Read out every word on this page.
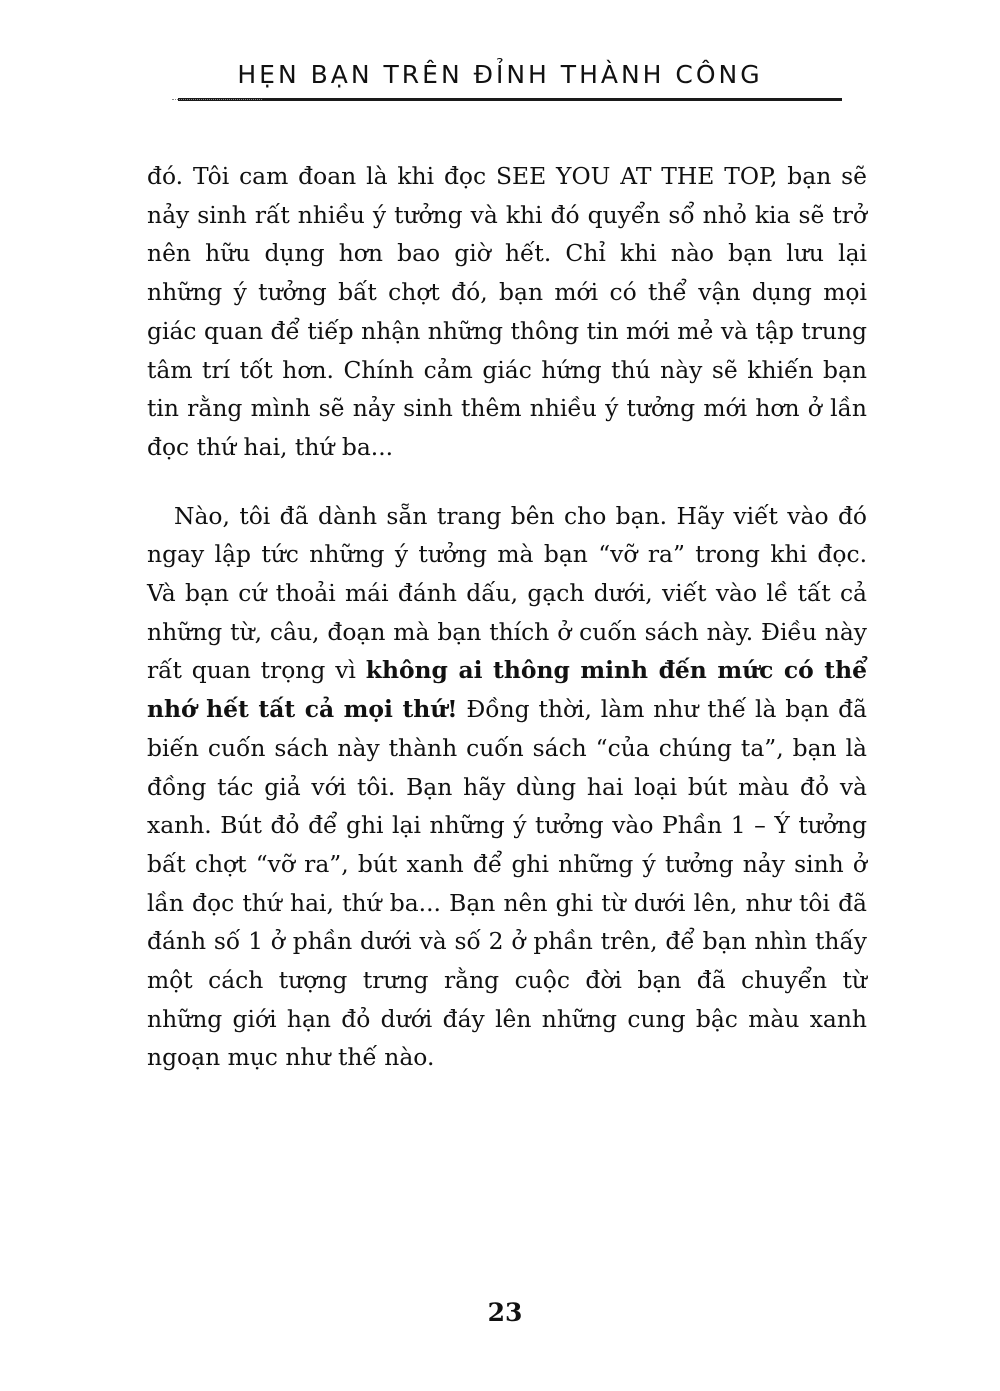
HẸN BẠN TRÊN ĐỈNH THÀNH CÔNG

đó. Tôi cam đoan là khi đọc SEE YOU AT THE TOP, bạn sẽ nảy sinh rất nhiều ý tưởng và khi đó quyển sổ nhỏ kia sẽ trở nên hữu dụng hơn bao giờ hết. Chỉ khi nào bạn lưu lại những ý tưởng bất chợt đó, bạn mới có thể vận dụng mọi giác quan để tiếp nhận những thông tin mới mẻ và tập trung tâm trí tốt hơn. Chính cảm giác hứng thú này sẽ khiến bạn tin rằng mình sẽ nảy sinh thêm nhiều ý tưởng mới hơn ở lần đọc thứ hai, thứ ba...

Nào, tôi đã dành sẵn trang bên cho bạn. Hãy viết vào đó ngay lập tức những ý tưởng mà bạn “vỡ ra” trong khi đọc. Và bạn cứ thoải mái đánh dấu, gạch dưới, viết vào lề tất cả những từ, câu, đoạn mà bạn thích ở cuốn sách này. Điều này rất quan trọng vì không ai thông minh đến mức có thể nhớ hết tất cả mọi thứ! Đồng thời, làm như thế là bạn đã biến cuốn sách này thành cuốn sách “của chúng ta”, bạn là đồng tác giả với tôi. Bạn hãy dùng hai loại bút màu đỏ và xanh. Bút đỏ để ghi lại những ý tưởng vào Phần 1 – Ý tưởng bất chợt “vỡ ra”, bút xanh để ghi những ý tưởng nảy sinh ở lần đọc thứ hai, thứ ba... Bạn nên ghi từ dưới lên, như tôi đã đánh số 1 ở phần dưới và số 2 ở phần trên, để bạn nhìn thấy một cách tượng trưng rằng cuộc đời bạn đã chuyển từ những giới hạn đỏ dưới đáy lên những cung bậc màu xanh ngoạn mục như thế nào.

23
